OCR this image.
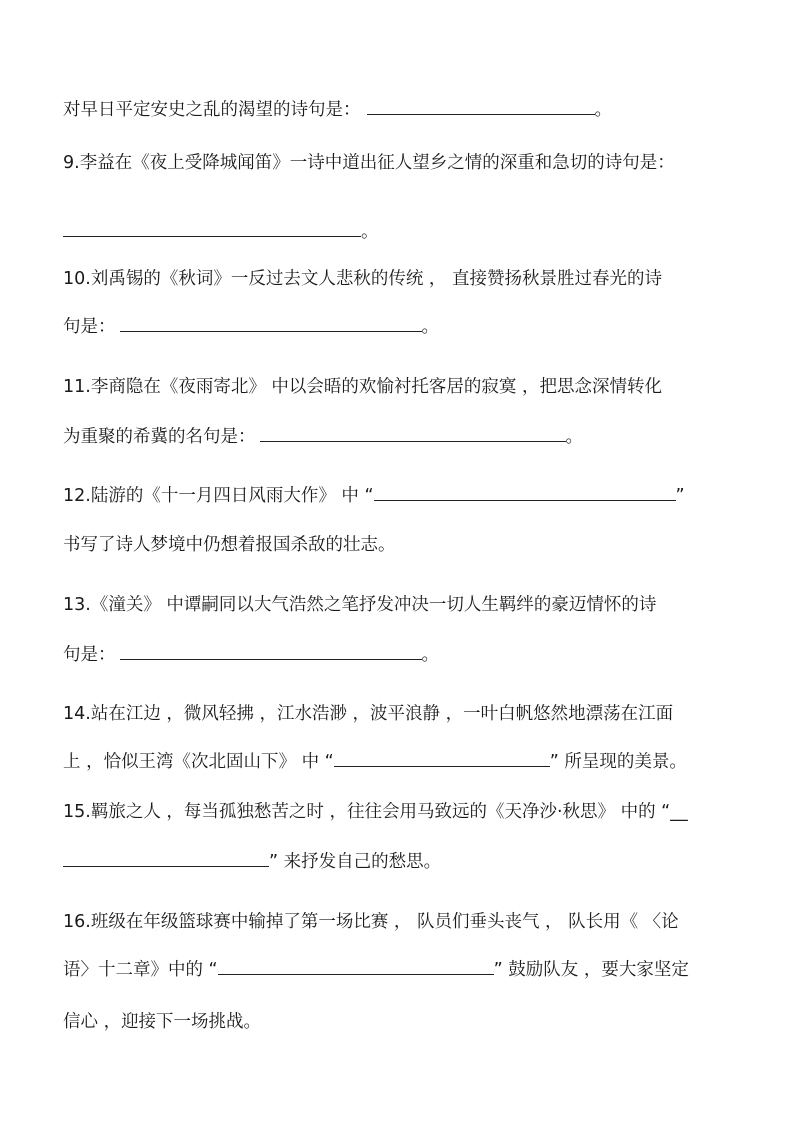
对早日平定安史之乱的渴望的诗句是：	。
9.李益在《夜上受降城闻笛》一诗中道出征人望乡之情的深重和急切的诗句是：
。
10.刘禹锡的《秋词》一反过去文人悲秋的传统 ， 直接赞扬秋景胜过春光的诗
句是：	。
11.李商隐在《夜雨寄北》 中以会晤的欢愉衬托客居的寂寞 ，把思念深情转化
为重聚的希冀的名句是：	。
12.陆游的《十一月四日风雨大作》 中 “	”
书写了诗人梦境中仍想着报国杀敌的壮志。
13.《潼关》 中谭嗣同以大气浩然之笔抒发冲决一切人生羁绊的豪迈情怀的诗
句是：	。
14.站在江边 ，微风轻拂 ，江水浩渺 ，波平浪静 ，一叶白帆悠然地漂荡在江面
上 ，恰似王湾《次北固山下》 中 “	” 所呈现的美景。
15.羁旅之人 ，每当孤独愁苦之时 ，往往会用马致远的《天净沙·秋思》 中的 “__
” 来抒发自己的愁思。
16.班级在年级篮球赛中输掉了第一场比赛 ， 队员们垂头丧气 ， 队长用《 〈论
语〉十二章》中的 “	” 鼓励队友 ，要大家坚定
信心 ，迎接下一场挑战。
